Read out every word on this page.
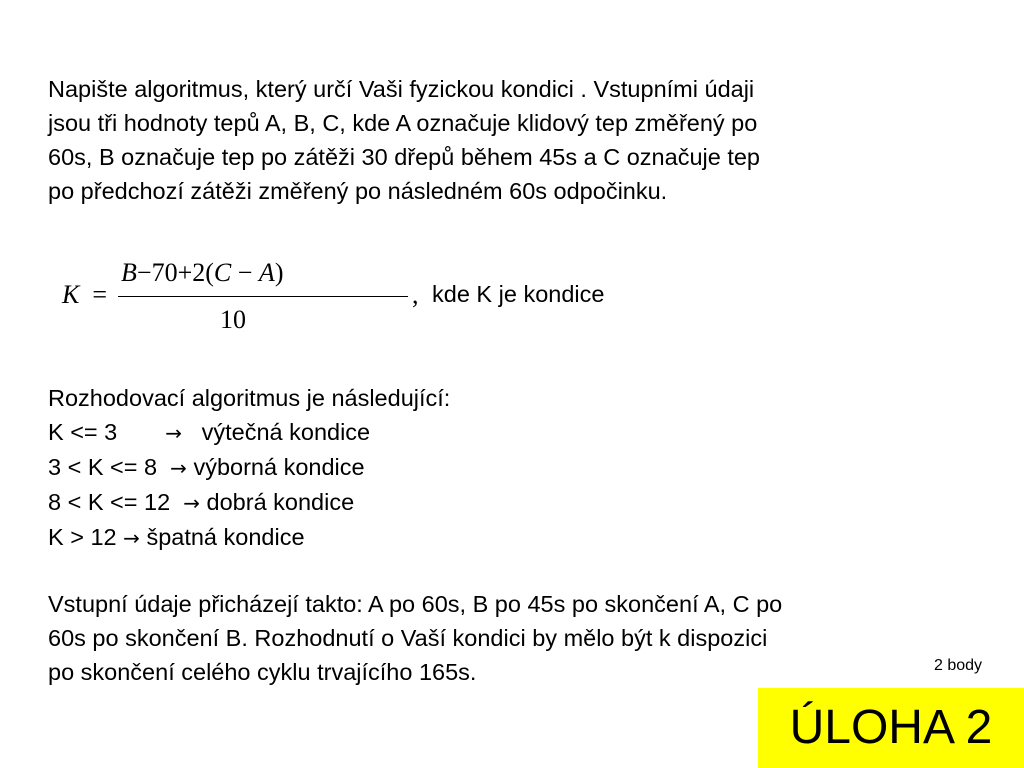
Napište algoritmus, který určí Vaši fyzickou kondici . Vstupními údaji
jsou tři hodnoty tepů A, B, C, kde A označuje klidový tep změřený po
60s, B označuje tep po zátěži 30 dřepů během 45s a C označuje tep
po předchozí zátěži změřený po následném 60s odpočinku.

K =
B−70+2(C − A)
10
, kde K je kondice
Rozhodovací algoritmus je následující:
K <= 3 → výtečná kondice
3 < K <= 8 → výborná kondice
8 < K <= 12 → dobrá kondice
K > 12 → špatná kondice

Vstupní údaje přicházejí takto: A po 60s, B po 45s po skončení A, C po
60s po skončení B. Rozhodnutí o Vaší kondici by mělo být k dispozici
po skončení celého cyklu trvajícího 165s.	2 body
ÚLOHA 2
